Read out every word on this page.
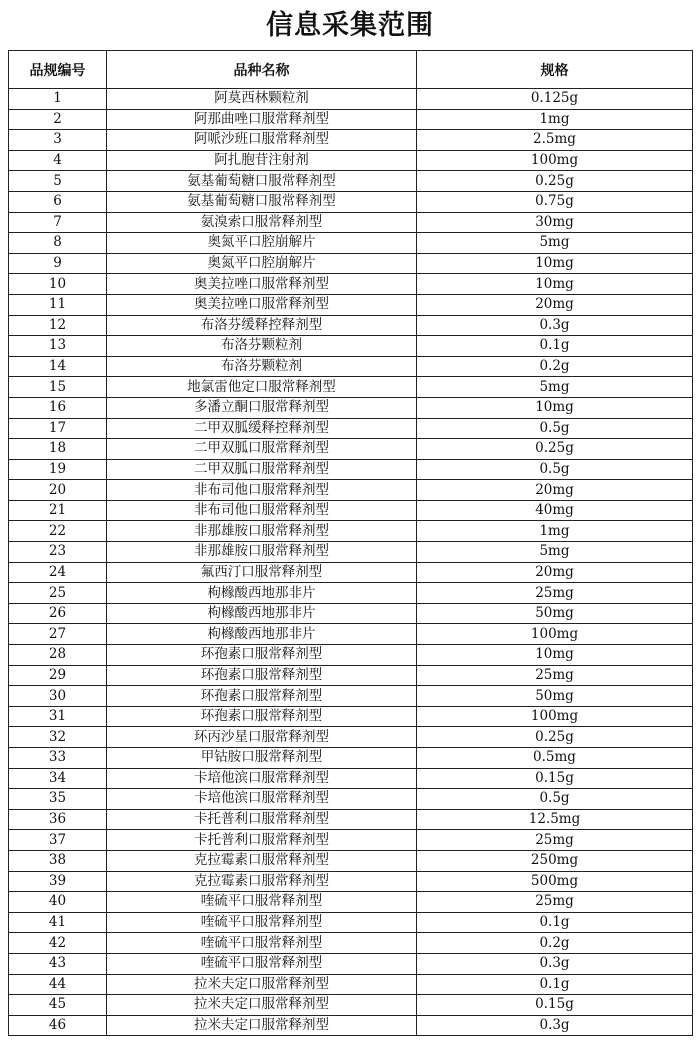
信息采集范围
品规编号	品种名称	规格
1	阿莫西林颗粒剂	0.125g
2	阿那曲唑口服常释剂型	1mg
3	阿哌沙班口服常释剂型	2.5mg
4	阿扎胞苷注射剂	100mg
5	氨基葡萄糖口服常释剂型	0.25g
6	氨基葡萄糖口服常释剂型	0.75g
7	氨溴索口服常释剂型	30mg
8	奥氮平口腔崩解片	5mg
9	奥氮平口腔崩解片	10mg
10	奥美拉唑口服常释剂型	10mg
11	奥美拉唑口服常释剂型	20mg
12	布洛芬缓释控释剂型	0.3g
13	布洛芬颗粒剂	0.1g
14	布洛芬颗粒剂	0.2g
15	地氯雷他定口服常释剂型	5mg
16	多潘立酮口服常释剂型	10mg
17	二甲双胍缓释控释剂型	0.5g
18	二甲双胍口服常释剂型	0.25g
19	二甲双胍口服常释剂型	0.5g
20	非布司他口服常释剂型	20mg
21	非布司他口服常释剂型	40mg
22	非那雄胺口服常释剂型	1mg
23	非那雄胺口服常释剂型	5mg
24	氟西汀口服常释剂型	20mg
25	枸橼酸西地那非片	25mg
26	枸橼酸西地那非片	50mg
27	枸橼酸西地那非片	100mg
28	环孢素口服常释剂型	10mg
29	环孢素口服常释剂型	25mg
30	环孢素口服常释剂型	50mg
31	环孢素口服常释剂型	100mg
32	环丙沙星口服常释剂型	0.25g
33	甲钴胺口服常释剂型	0.5mg
34	卡培他滨口服常释剂型	0.15g
35	卡培他滨口服常释剂型	0.5g
36	卡托普利口服常释剂型	12.5mg
37	卡托普利口服常释剂型	25mg
38	克拉霉素口服常释剂型	250mg
39	克拉霉素口服常释剂型	500mg
40	喹硫平口服常释剂型	25mg
41	喹硫平口服常释剂型	0.1g
42	喹硫平口服常释剂型	0.2g
43	喹硫平口服常释剂型	0.3g
44	拉米夫定口服常释剂型	0.1g
45	拉米夫定口服常释剂型	0.15g
46	拉米夫定口服常释剂型	0.3g
